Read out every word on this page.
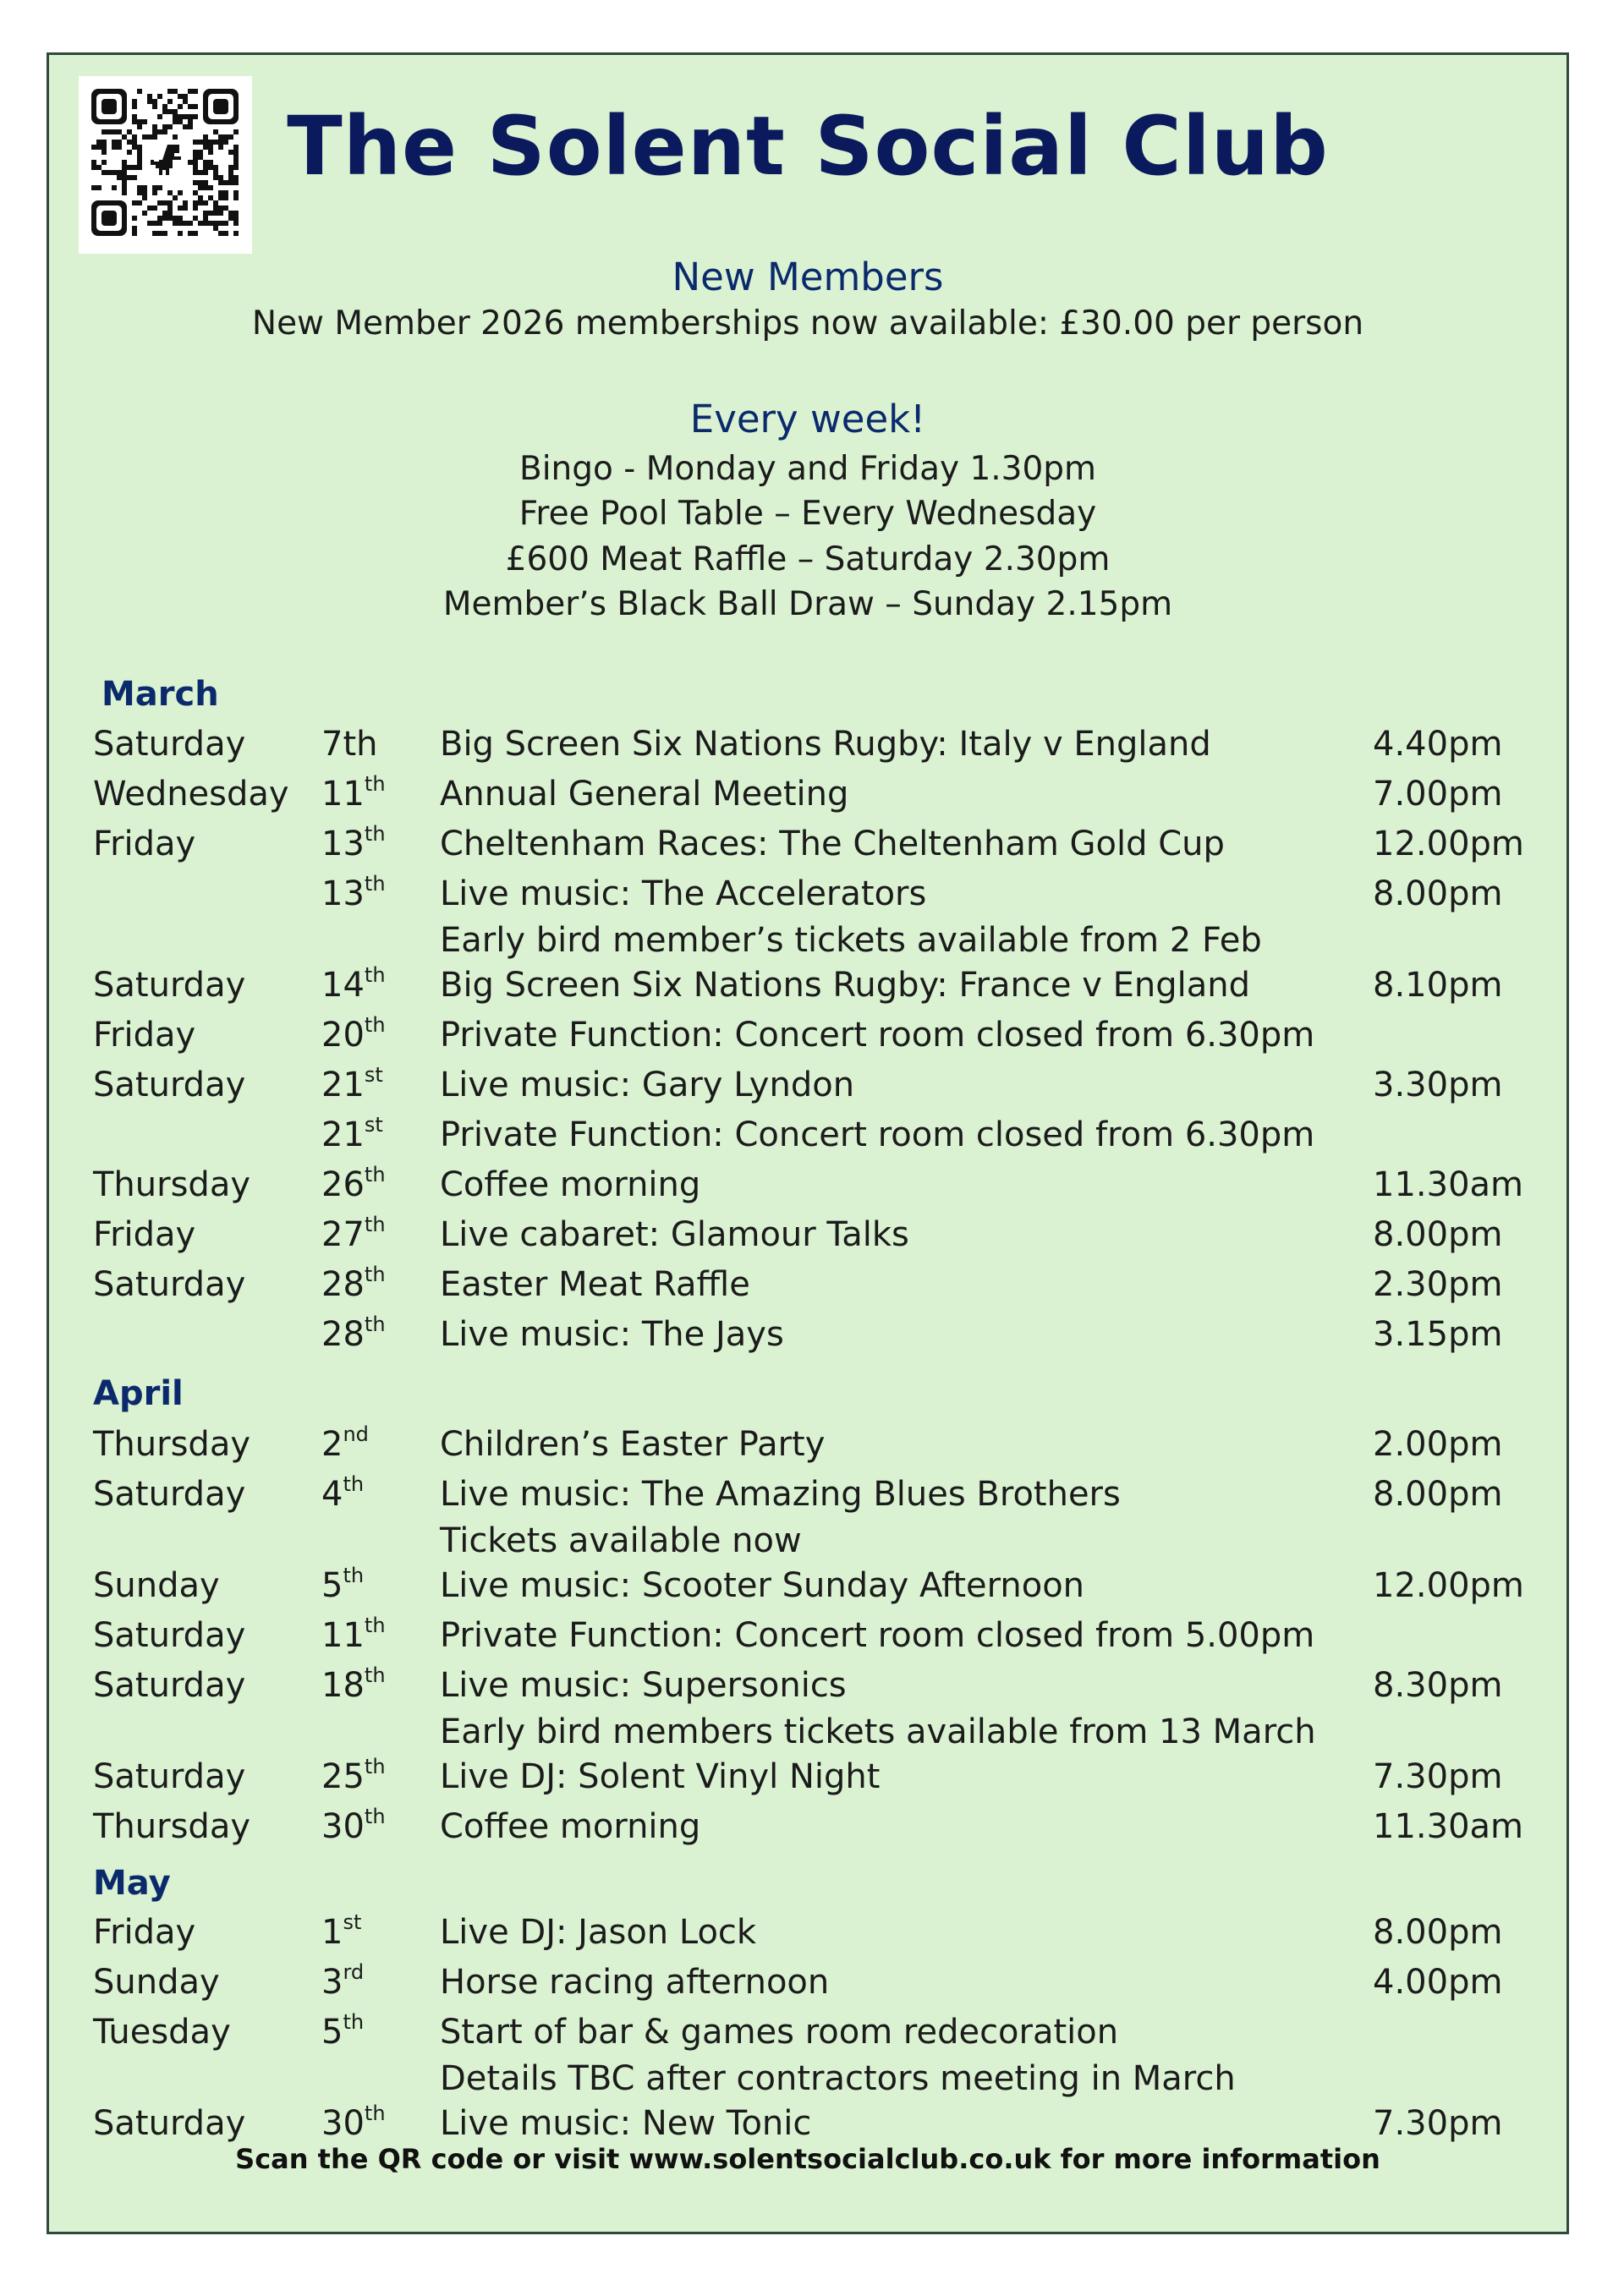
The Solent Social Club
New Members
New Member 2026 memberships now available: £30.00 per person
Every week!
Bingo - Monday and Friday 1.30pm
Free Pool Table – Every Wednesday
£600 Meat Raffle – Saturday 2.30pm
Member’s Black Ball Draw – Sunday 2.15pm
March
April
May
Saturday 7th Big Screen Six Nations Rugby: Italy v England	4.40pm
Wednesday 11th Annual General Meeting	7.00pm
Friday	13th Cheltenham Races: The Cheltenham Gold Cup	12.00pm
13th Live music: The Accelerators	8.00pm
Early bird member’s tickets available from 2 Feb
Saturday 14th Big Screen Six Nations Rugby: France v England	8.10pm
Friday	20th Private Function: Concert room closed from 6.30pm
Saturday 21st Live music: Gary Lyndon	3.30pm
21st Private Function: Concert room closed from 6.30pm
Thursday 26th Coffee morning	11.30am
Friday	27th Live cabaret: Glamour Talks	8.00pm
Saturday 28th Easter Meat Raffle	2.30pm
28th Live music: The Jays	3.15pm
Thursday 2nd Children’s Easter Party	2.00pm
Saturday 4th Live music: The Amazing Blues Brothers	8.00pm
Tickets available now
Sunday	5th Live music: Scooter Sunday Afternoon	12.00pm
Saturday 11th Private Function: Concert room closed from 5.00pm
Saturday 18th Live music: Supersonics	8.30pm
Early bird members tickets available from 13 March
Saturday 25th Live DJ: Solent Vinyl Night	7.30pm
Thursday 30th Coffee morning	11.30am
Friday	1st Live DJ: Jason Lock	8.00pm
Sunday	3rd Horse racing afternoon	4.00pm
Tuesday	5th Start of bar & games room redecoration
Details TBC after contractors meeting in March
Saturday 30th Live music: New Tonic	7.30pm
Scan the QR code or visit www.solentsocialclub.co.uk for more information
